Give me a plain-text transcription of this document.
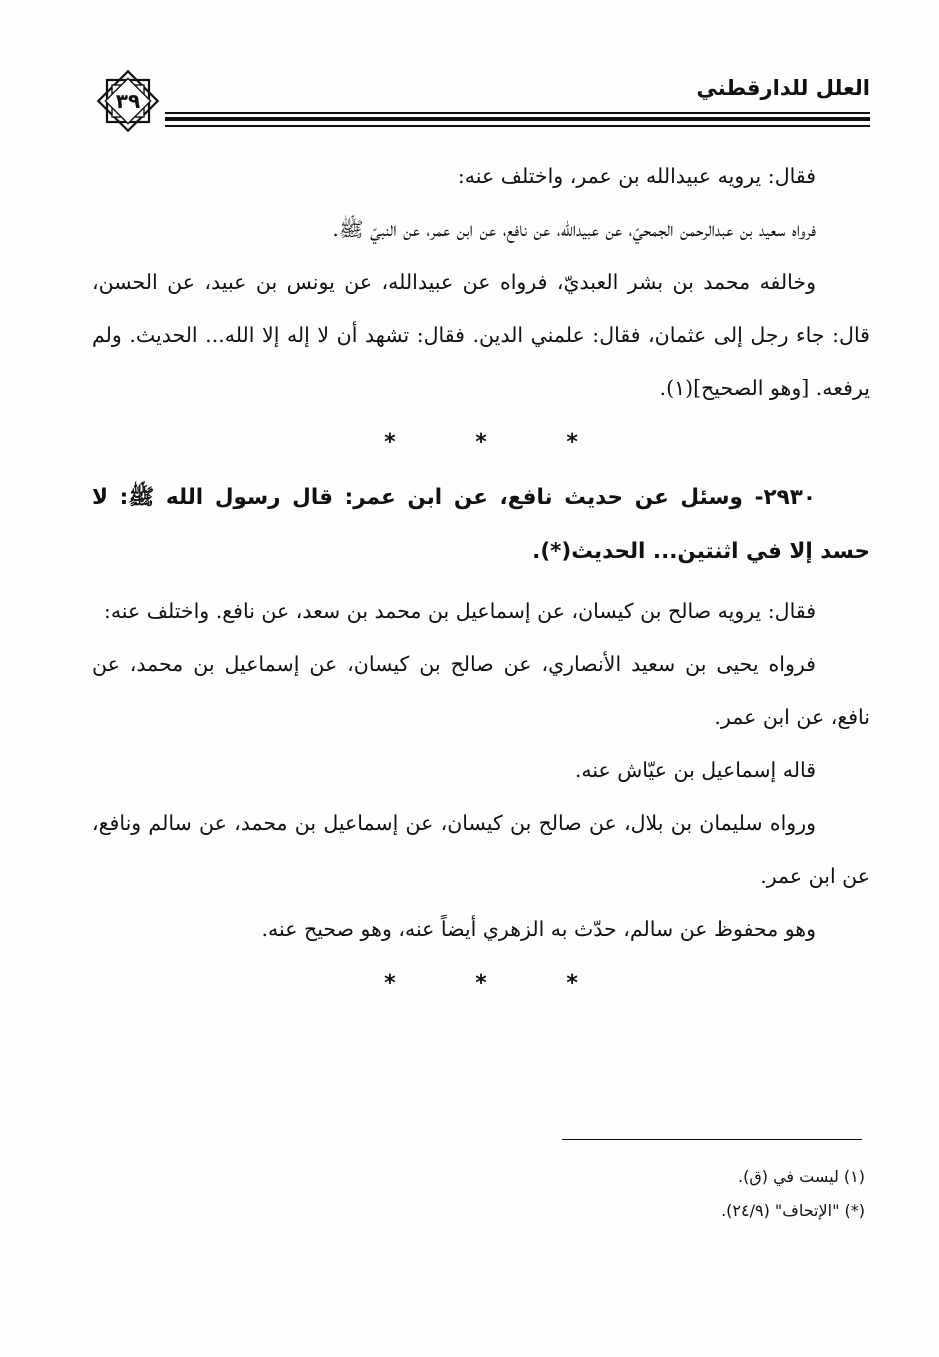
٣٩
العلل للدارقطني

فقال: يرويه عبيدالله بن عمر، واختلف عنه:

فرواه سعيد بن عبدالرحمن الجمحيّ، عن عبيدالله، عن نافع، عن ابن عمر، عن النبيّ ﷺ.

وخالفه محمد بن بشر العبديّ، فرواه عن عبيدالله، عن يونس بن عبيد، عن الحسن، قال: جاء رجل إلى عثمان، فقال: علمني الدين. فقال: تشهد أن لا إله إلا الله... الحديث. ولم يرفعه. [وهو الصحيح](١).

* * *

٢٩٣٠- وسئل عن حديث نافع، عن ابن عمر: قال رسول الله ﷺ: لا حسد إلا في اثنتين... الحديث(*).

فقال: يرويه صالح بن كيسان، عن إسماعيل بن محمد بن سعد، عن نافع. واختلف عنه:

فرواه يحيى بن سعيد الأنصاري، عن صالح بن كيسان، عن إسماعيل بن محمد، عن نافع، عن ابن عمر.

قاله إسماعيل بن عيّاش عنه.

ورواه سليمان بن بلال، عن صالح بن كيسان، عن إسماعيل بن محمد، عن سالم ونافع، عن ابن عمر.

وهو محفوظ عن سالم، حدّث به الزهري أيضاً عنه، وهو صحيح عنه.

* * *

(١) ليست في (ق).

(*) "الإتحاف" (٢٤/٩).
